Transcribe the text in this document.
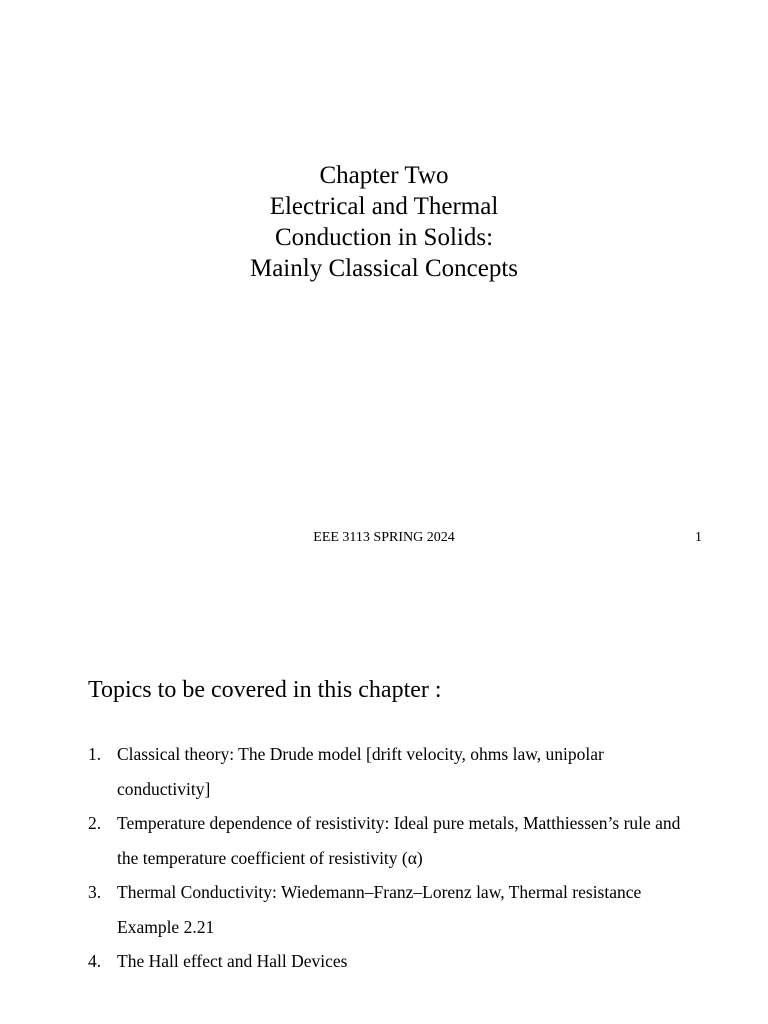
Chapter Two
Electrical and Thermal
Conduction in Solids:
Mainly Classical Concepts
EEE 3113 SPRING 2024	1
Topics to be covered in this chapter :
1. Classical theory: The Drude model [drift velocity, ohms law, unipolar conductivity]
2. Temperature dependence of resistivity: Ideal pure metals, Matthiessen’s rule and the temperature coefficient of resistivity (α)
3. Thermal Conductivity: Wiedemann–Franz–Lorenz law, Thermal resistance Example 2.21
4. The Hall effect and Hall Devices
